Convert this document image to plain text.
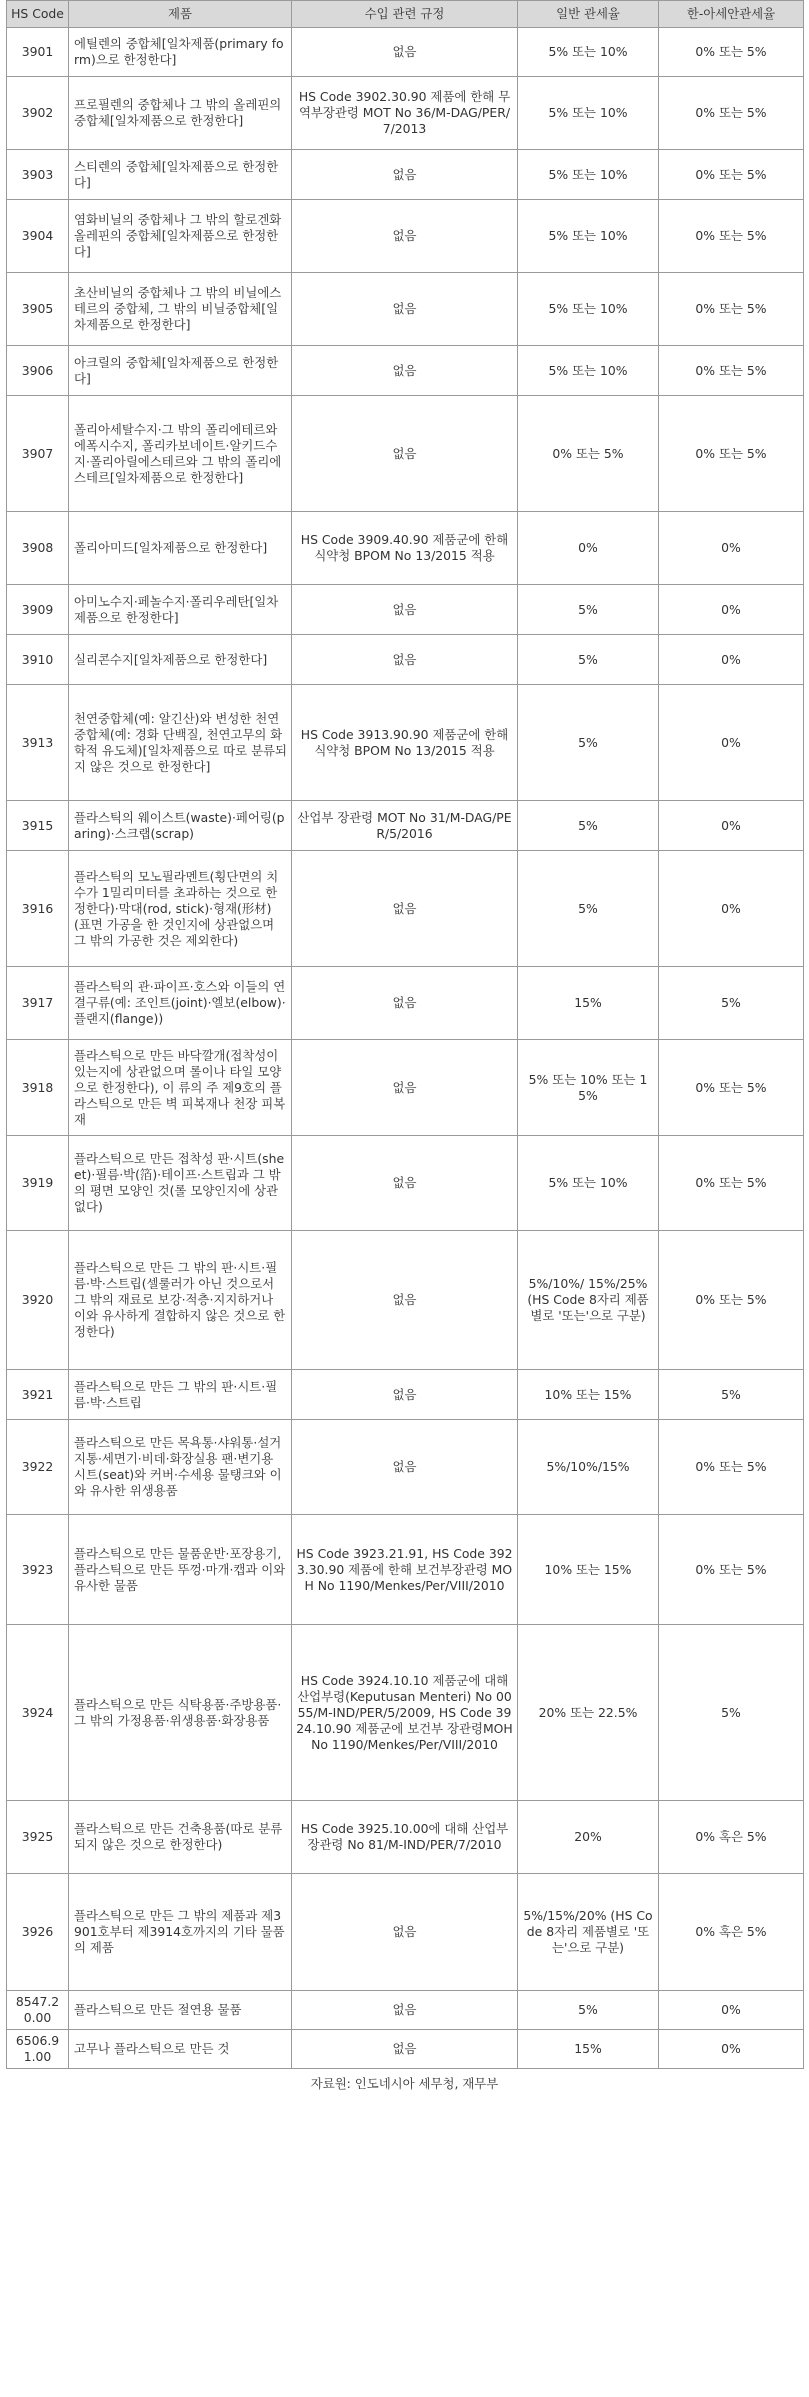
HS Code	제품	수입 관련 규정	일반 관세율	한-아세안관세율
3901	에틸렌의 중합체[일차제품(primary form)으로 한정한다]	없음	5% 또는 10%	0% 또는 5%
3902	프로필렌의 중합체나 그 밖의 올레핀의 중합체[일차제품으로 한정한다]	HS Code 3902.30.90 제품에 한해 무역부장관령 MOT No 36/M-DAG/PER/7/2013	5% 또는 10%	0% 또는 5%
3903	스티렌의 중합체[일차제품으로 한정한다]	없음	5% 또는 10%	0% 또는 5%
3904	염화비닐의 중합체나 그 밖의 할로겐화 올레핀의 중합체[일차제품으로 한정한다]	없음	5% 또는 10%	0% 또는 5%
3905	초산비닐의 중합체나 그 밖의 비닐에스테르의 중합체, 그 밖의 비닐중합체[일차제품으로 한정한다]	없음	5% 또는 10%	0% 또는 5%
3906	아크릴의 중합체[일차제품으로 한정한다]	없음	5% 또는 10%	0% 또는 5%
3907	폴리아세탈수지·그 밖의 폴리에테르와 에폭시수지, 폴리카보네이트·알키드수지·폴리아릴에스테르와 그 밖의 폴리에스테르[일차제품으로 한정한다]	없음	0% 또는 5%	0% 또는 5%
3908	폴리아미드[일차제품으로 한정한다]	HS Code 3909.40.90 제품군에 한해 식약청 BPOM No 13/2015 적용	0%	0%
3909	아미노수지·페놀수지·폴리우레탄[일차제품으로 한정한다]	없음	5%	0%
3910	실리콘수지[일차제품으로 한정한다]	없음	5%	0%
3913	천연중합체(예: 알긴산)와 변성한 천연중합체(예: 경화 단백질, 천연고무의 화학적 유도체)[일차제품으로 따로 분류되지 않은 것으로 한정한다]	HS Code 3913.90.90 제품군에 한해 식약청 BPOM No 13/2015 적용	5%	0%
3915	플라스틱의 웨이스트(waste)·페어링(paring)·스크랩(scrap)	산업부 장관령 MOT No 31/M-DAG/PER/5/2016	5%	0%
3916	플라스틱의 모노필라멘트(횡단면의 치수가 1밀리미터를 초과하는 것으로 한정한다)·막대(rod, stick)·형재(形材)(표면 가공을 한 것인지에 상관없으며 그 밖의 가공한 것은 제외한다)	없음	5%	0%
3917	플라스틱의 관·파이프·호스와 이들의 연결구류(예: 조인트(joint)·엘보(elbow)·플랜지(flange))	없음	15%	5%
3918	플라스틱으로 만든 바닥깔개(접착성이 있는지에 상관없으며 롤이나 타일 모양으로 한정한다), 이 류의 주 제9호의 플라스틱으로 만든 벽 피복재나 천장 피복재	없음	5% 또는 10% 또는 15%	0% 또는 5%
3919	플라스틱으로 만든 접착성 판·시트(sheet)·필름·박(箔)·테이프·스트립과 그 밖의 평면 모양인 것(롤 모양인지에 상관없다)	없음	5% 또는 10%	0% 또는 5%
3920	플라스틱으로 만든 그 밖의 판·시트·필름·박·스트립(셀룰러가 아닌 것으로서 그 밖의 재료로 보강·적층·지지하거나 이와 유사하게 결합하지 않은 것으로 한정한다)	없음	5%/10%/ 15%/25% (HS Code 8자리 제품별로 '또는'으로 구분)	0% 또는 5%
3921	플라스틱으로 만든 그 밖의 판·시트·필름·박·스트립	없음	10% 또는 15%	5%
3922	플라스틱으로 만든 목욕통·샤워통·설거지통·세면기·비데·화장실용 팬·변기용 시트(seat)와 커버·수세용 물탱크와 이와 유사한 위생용품	없음	5%/10%/15%	0% 또는 5%
3923	플라스틱으로 만든 물품운반·포장용기, 플라스틱으로 만든 뚜껑·마개·캡과 이와 유사한 물품	HS Code 3923.21.91, HS Code 3923.30.90 제품에 한해 보건부장관령 MOH No 1190/Menkes/Per/VIII/2010	10% 또는 15%	0% 또는 5%
3924	플라스틱으로 만든 식탁용품·주방용품·그 밖의 가정용품·위생용품·화장용품	HS Code 3924.10.10 제품군에 대해 산업부령(Keputusan Menteri) No 0055/M-IND/PER/5/2009, HS Code 3924.10.90 제품군에 보건부 장관령MOH No 1190/Menkes/Per/VIII/2010	20% 또는 22.5%	5%
3925	플라스틱으로 만든 건축용품(따로 분류되지 않은 것으로 한정한다)	HS Code 3925.10.00에 대해 산업부 장관령 No 81/M-IND/PER/7/2010	20%	0% 혹은 5%
3926	플라스틱으로 만든 그 밖의 제품과 제3901호부터 제3914호까지의 기타 물품의 제품	없음	5%/15%/20% (HS Code 8자리 제품별로 '또는'으로 구분)	0% 혹은 5%
8547.20.00	플라스틱으로 만든 절연용 물품	없음	5%	0%
6506.91.00	고무나 플라스틱으로 만든 것	없음	15%	0%
자료원: 인도네시아 세무청, 재무부
